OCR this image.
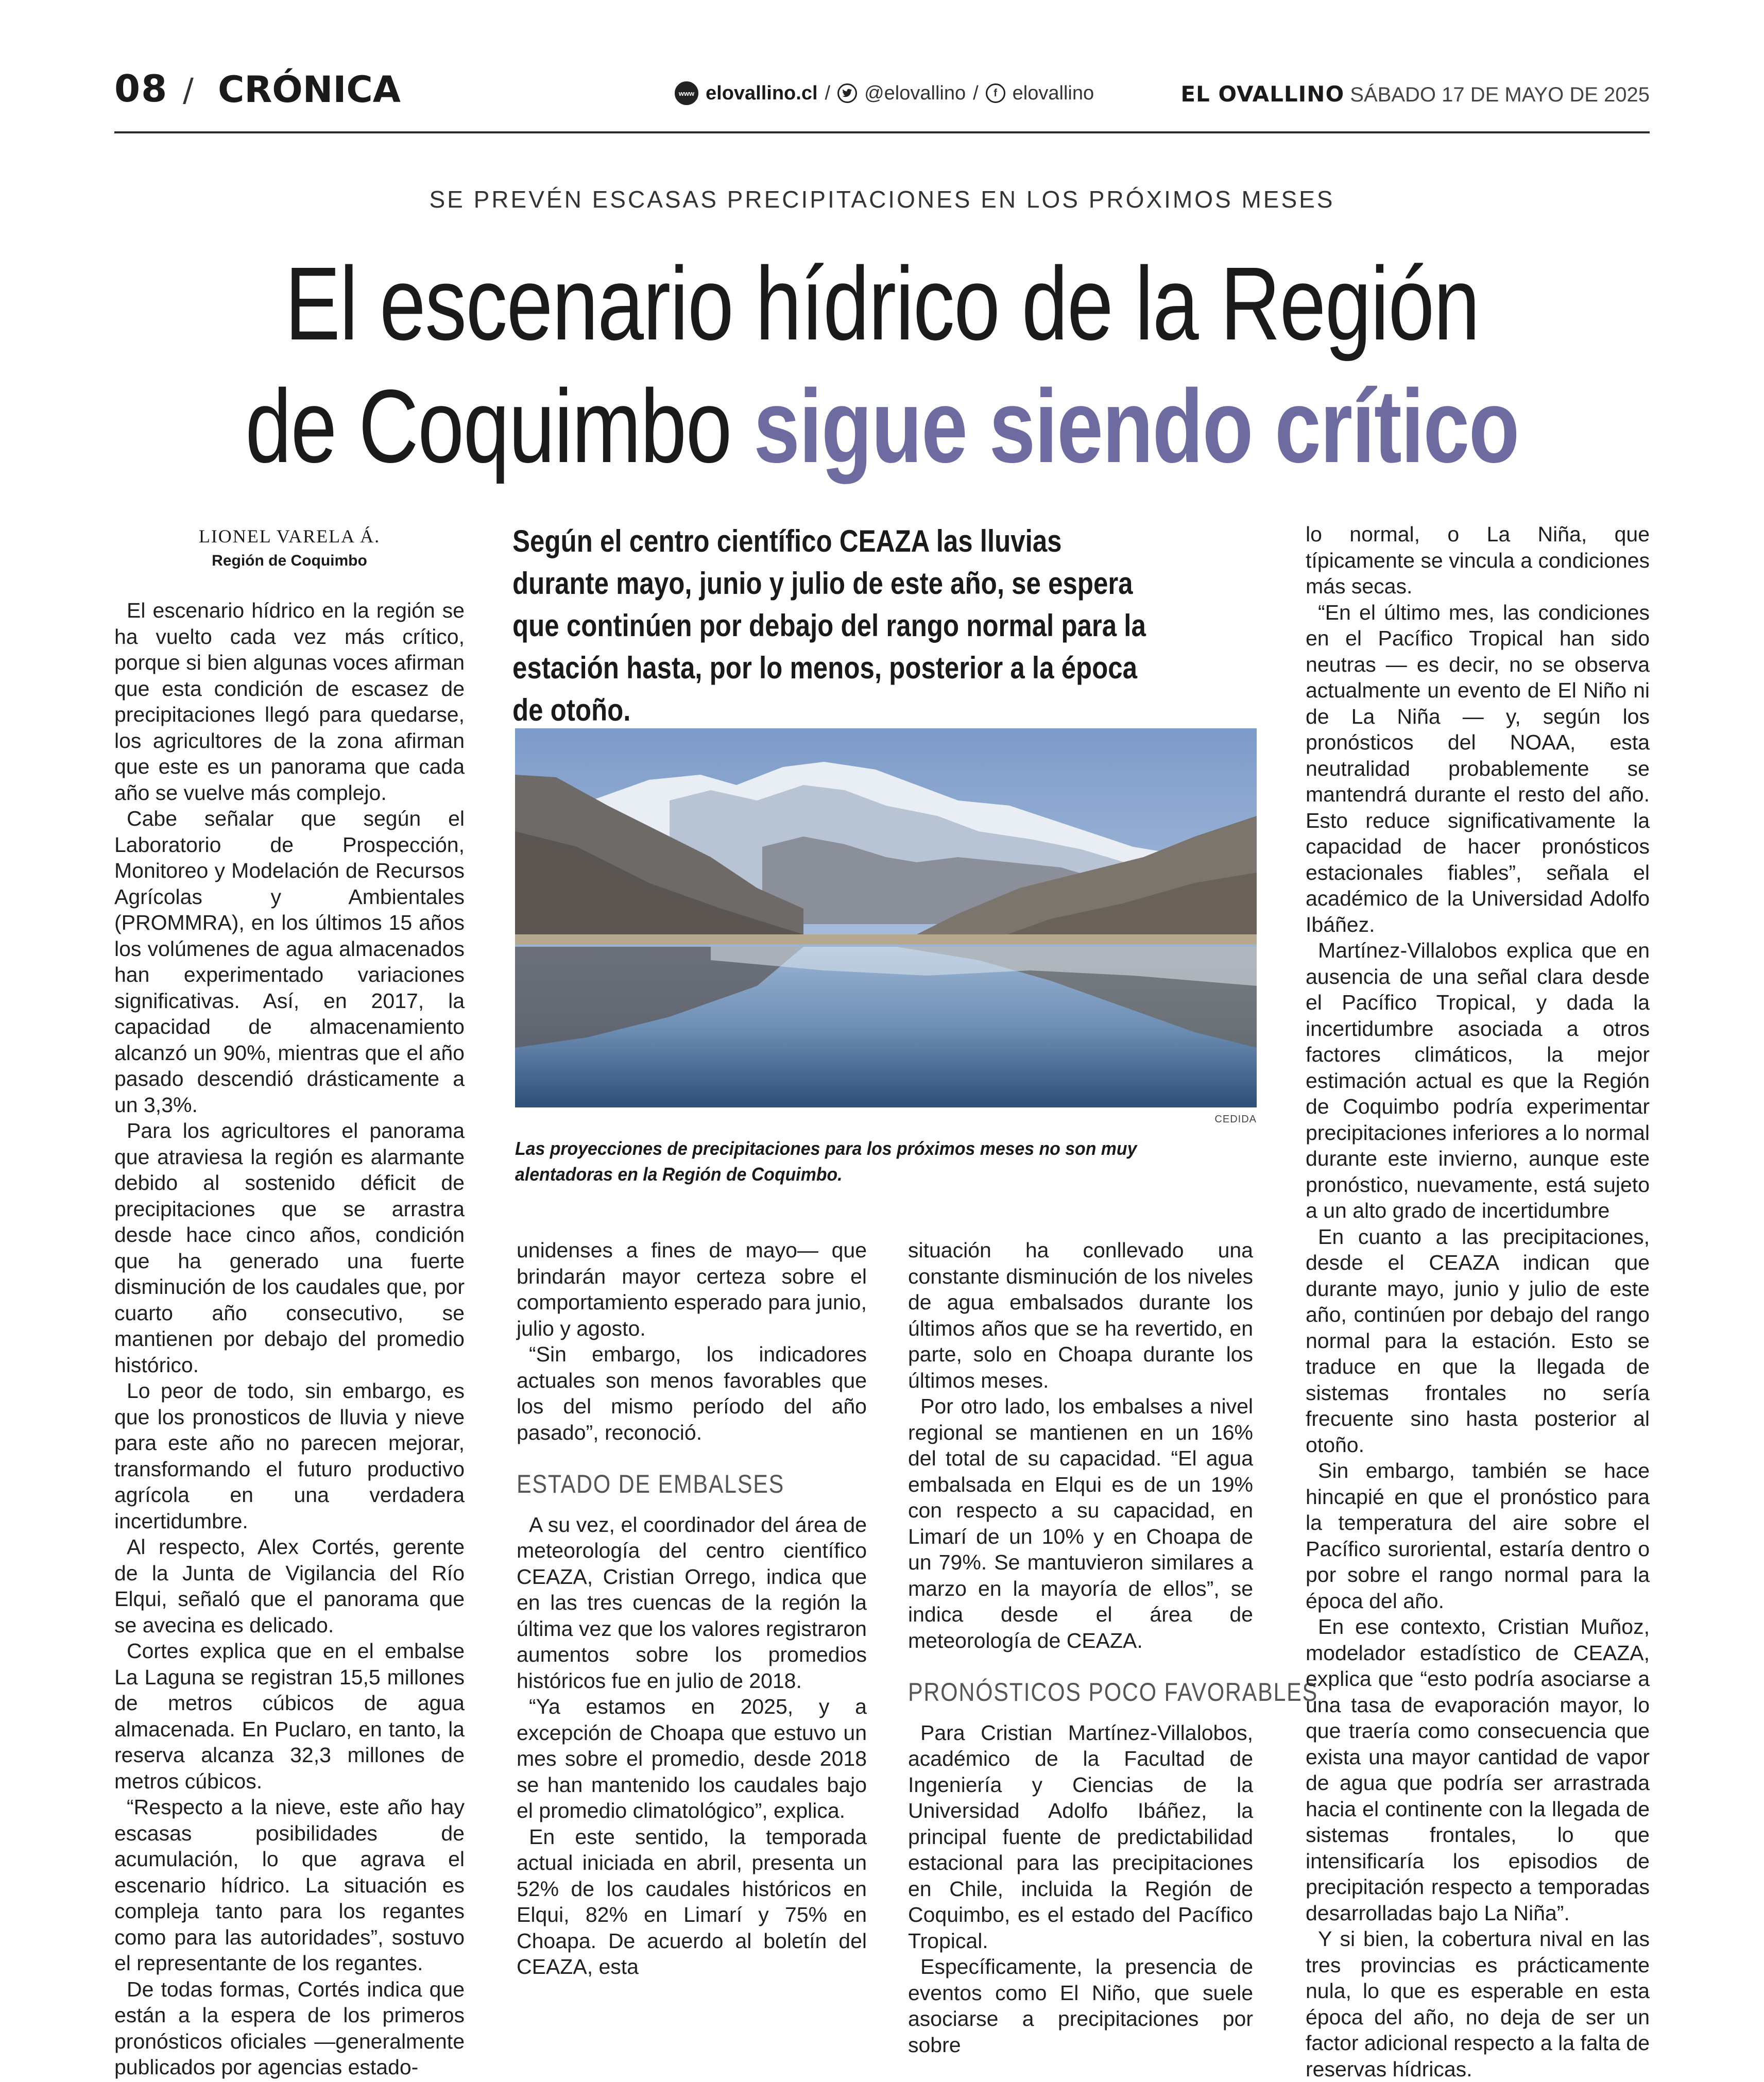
08 / CRÓNICA	www elovallino.cl / @elovallino /	f elovallino	EL OVALLINO SÁBADO 17 DE MAYO DE 2025
SE PREVÉN ESCASAS PRECIPITACIONES EN LOS PRÓXIMOS MESES
El escenario hídrico de la Región
de Coquimbo sigue siendo crítico
LIONEL VARELA Á.
Región de Coquimbo
Según el centro científico CEAZA las lluvias durante mayo, junio y julio de este año, se espera que continúen por debajo del rango normal para la estación hasta, por lo menos, posterior a la época de otoño.
CEDIDA
Las proyecciones de precipitaciones para los próximos meses no son muy alentadoras en la Región de Coquimbo.

El escenario hídrico en la región se ha vuelto cada vez más crítico, porque si bien algunas voces afirman que esta condición de escasez de precipitaciones llegó para quedarse, los agricultores de la zona afirman que este es un panorama que cada año se vuelve más complejo.

Cabe señalar que según el Laboratorio de Prospección, Monitoreo y Modelación de Recursos Agrícolas y Ambientales (PROMMRA), en los últimos 15 años los volúmenes de agua almacenados han experimentado variaciones significativas. Así, en 2017, la capacidad de almacenamiento alcanzó un 90%, mientras que el año pasado descendió drásticamente a un 3,3%.

Para los agricultores el panorama que atraviesa la región es alarmante debido al sostenido déficit de precipitaciones que se arrastra desde hace cinco años, condición que ha generado una fuerte disminución de los caudales que, por cuarto año consecutivo, se mantienen por debajo del promedio histórico.

Lo peor de todo, sin embargo, es que los pronosticos de lluvia y nieve para este año no parecen mejorar, transformando el futuro productivo agrícola en una verdadera incertidumbre.

Al respecto, Alex Cortés, gerente de la Junta de Vigilancia del Río Elqui, señaló que el panorama que se avecina es delicado.

Cortes explica que en el embalse La Laguna se registran 15,5 millones de metros cúbicos de agua almacenada. En Puclaro, en tanto, la reserva alcanza 32,3 millones de metros cúbicos.

“Respecto a la nieve, este año hay escasas posibilidades de acumulación, lo que agrava el escenario hídrico. La situación es compleja tanto para los regantes como para las autoridades”, sostuvo el representante de los regantes.

De todas formas, Cortés indica que están a la espera de los primeros pronósticos oficiales —generalmente publicados por agencias estado-

unidenses a fines de mayo— que brindarán mayor certeza sobre el comportamiento esperado para junio, julio y agosto.

“Sin embargo, los indicadores actuales son menos favorables que los del mismo período del año pasado”, reconoció.

ESTADO DE EMBALSES

A su vez, el coordinador del área de meteorología del centro científico CEAZA, Cristian Orrego, indica que en las tres cuencas de la región la última vez que los valores registraron aumentos sobre los promedios históricos fue en julio de 2018.

“Ya estamos en 2025, y a excepción de Choapa que estuvo un mes sobre el promedio, desde 2018 se han mantenido los caudales bajo el promedio climatológico”, explica.

En este sentido, la temporada actual iniciada en abril, presenta un 52% de los caudales históricos en Elqui, 82% en Limarí y 75% en Choapa. De acuerdo al boletín del CEAZA, esta

situación ha conllevado una constante disminución de los niveles de agua embalsados durante los últimos años que se ha revertido, en parte, solo en Choapa durante los últimos meses.

Por otro lado, los embalses a nivel regional se mantienen en un 16% del total de su capacidad. “El agua embalsada en Elqui es de un 19% con respecto a su capacidad, en Limarí de un 10% y en Choapa de un 79%. Se mantuvieron similares a marzo en la mayoría de ellos”, se indica desde el área de meteorología de CEAZA.

PRONÓSTICOS POCO FAVORABLES

Para Cristian Martínez-Villalobos, académico de la Facultad de Ingeniería y Ciencias de la Universidad Adolfo Ibáñez, la principal fuente de predictabilidad estacional para las precipitaciones en Chile, incluida la Región de Coquimbo, es el estado del Pacífico Tropical.

Específicamente, la presencia de eventos como El Niño, que suele asociarse a precipitaciones por sobre

lo normal, o La Niña, que típicamente se vincula a condiciones más secas.

“En el último mes, las condiciones en el Pacífico Tropical han sido neutras — es decir, no se observa actualmente un evento de El Niño ni de La Niña — y, según los pronósticos del NOAA, esta neutralidad probablemente se mantendrá durante el resto del año. Esto reduce significativamente la capacidad de hacer pronósticos estacionales fiables”, señala el académico de la Universidad Adolfo Ibáñez.

Martínez-Villalobos explica que en ausencia de una señal clara desde el Pacífico Tropical, y dada la incertidumbre asociada a otros factores climáticos, la mejor estimación actual es que la Región de Coquimbo podría experimentar precipitaciones inferiores a lo normal durante este invierno, aunque este pronóstico, nuevamente, está sujeto a un alto grado de incertidumbre

En cuanto a las precipitaciones, desde el CEAZA indican que durante mayo, junio y julio de este año, continúen por debajo del rango normal para la estación. Esto se traduce en que la llegada de sistemas frontales no sería frecuente sino hasta posterior al otoño.

Sin embargo, también se hace hincapié en que el pronóstico para la temperatura del aire sobre el Pacífico suroriental, estaría dentro o por sobre el rango normal para la época del año.

En ese contexto, Cristian Muñoz, modelador estadístico de CEAZA, explica que “esto podría asociarse a una tasa de evaporación mayor, lo que traería como consecuencia que exista una mayor cantidad de vapor de agua que podría ser arrastrada hacia el continente con la llegada de sistemas frontales, lo que intensificaría los episodios de precipitación respecto a temporadas desarrolladas bajo La Niña”.

Y si bien, la cobertura nival en las tres provincias es prácticamente nula, lo que es esperable en esta época del año, no deja de ser un factor adicional respecto a la falta de reservas hídricas.
